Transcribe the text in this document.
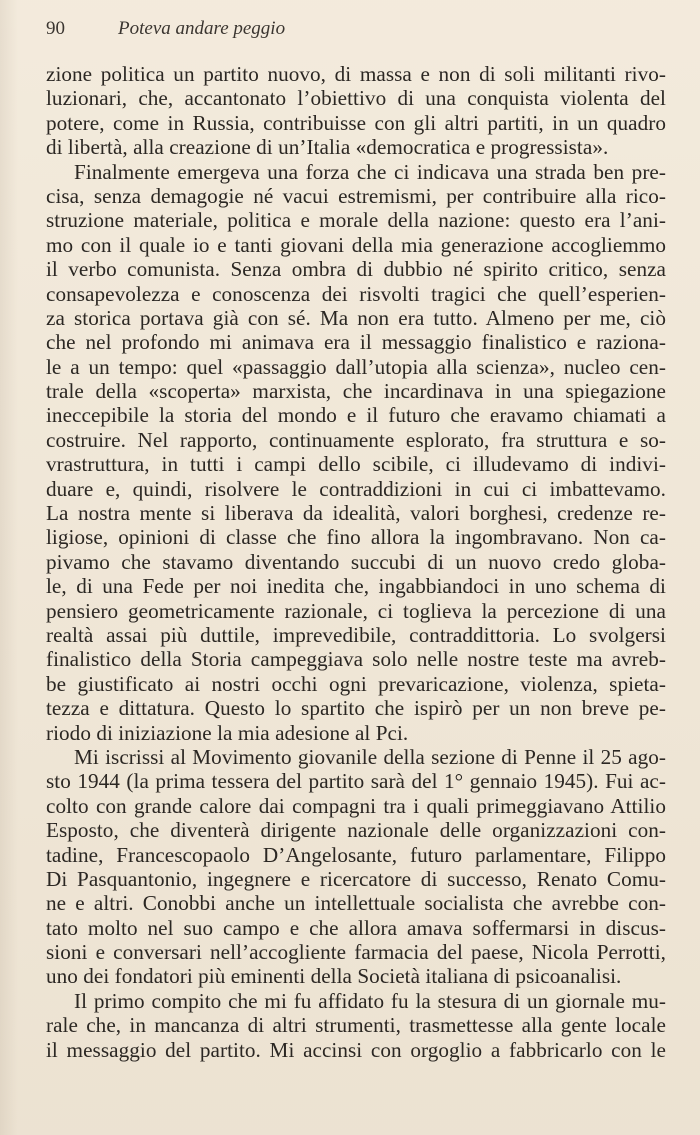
90	Poteva andare peggio
zione politica un partito nuovo, di massa e non di soli militanti rivo-
luzionari, che, accantonato l’obiettivo di una conquista violenta del
potere, come in Russia, contribuisse con gli altri partiti, in un quadro
di libertà, alla creazione di un’Italia «democratica e progressista».
Finalmente emergeva una forza che ci indicava una strada ben pre-
cisa, senza demagogie né vacui estremismi, per contribuire alla rico-
struzione materiale, politica e morale della nazione: questo era l’ani-
mo con il quale io e tanti giovani della mia generazione accogliemmo
il verbo comunista. Senza ombra di dubbio né spirito critico, senza
consapevolezza e conoscenza dei risvolti tragici che quell’esperien-
za storica portava già con sé. Ma non era tutto. Almeno per me, ciò
che nel profondo mi animava era il messaggio finalistico e raziona-
le a un tempo: quel «passaggio dall’utopia alla scienza», nucleo cen-
trale della «scoperta» marxista, che incardinava in una spiegazione
ineccepibile la storia del mondo e il futuro che eravamo chiamati a
costruire. Nel rapporto, continuamente esplorato, fra struttura e so-
vrastruttura, in tutti i campi dello scibile, ci illudevamo di indivi-
duare e, quindi, risolvere le contraddizioni in cui ci imbattevamo.
La nostra mente si liberava da idealità, valori borghesi, credenze re-
ligiose, opinioni di classe che fino allora la ingombravano. Non ca-
pivamo che stavamo diventando succubi di un nuovo credo globa-
le, di una Fede per noi inedita che, ingabbiandoci in uno schema di
pensiero geometricamente razionale, ci toglieva la percezione di una
realtà assai più duttile, imprevedibile, contraddittoria. Lo svolgersi
finalistico della Storia campeggiava solo nelle nostre teste ma avreb-
be giustificato ai nostri occhi ogni prevaricazione, violenza, spieta-
tezza e dittatura. Questo lo spartito che ispirò per un non breve pe-
riodo di iniziazione la mia adesione al Pci.
Mi iscrissi al Movimento giovanile della sezione di Penne il 25 ago-
sto 1944 (la prima tessera del partito sarà del 1° gennaio 1945). Fui ac-
colto con grande calore dai compagni tra i quali primeggiavano Attilio
Esposto, che diventerà dirigente nazionale delle organizzazioni con-
tadine, Francescopaolo D’Angelosante, futuro parlamentare, Filippo
Di Pasquantonio, ingegnere e ricercatore di successo, Renato Comu-
ne e altri. Conobbi anche un intellettuale socialista che avrebbe con-
tato molto nel suo campo e che allora amava soffermarsi in discus-
sioni e conversari nell’accogliente farmacia del paese, Nicola Perrotti,
uno dei fondatori più eminenti della Società italiana di psicoanalisi.
Il primo compito che mi fu affidato fu la stesura di un giornale mu-
rale che, in mancanza di altri strumenti, trasmettesse alla gente locale
il messaggio del partito. Mi accinsi con orgoglio a fabbricarlo con le
